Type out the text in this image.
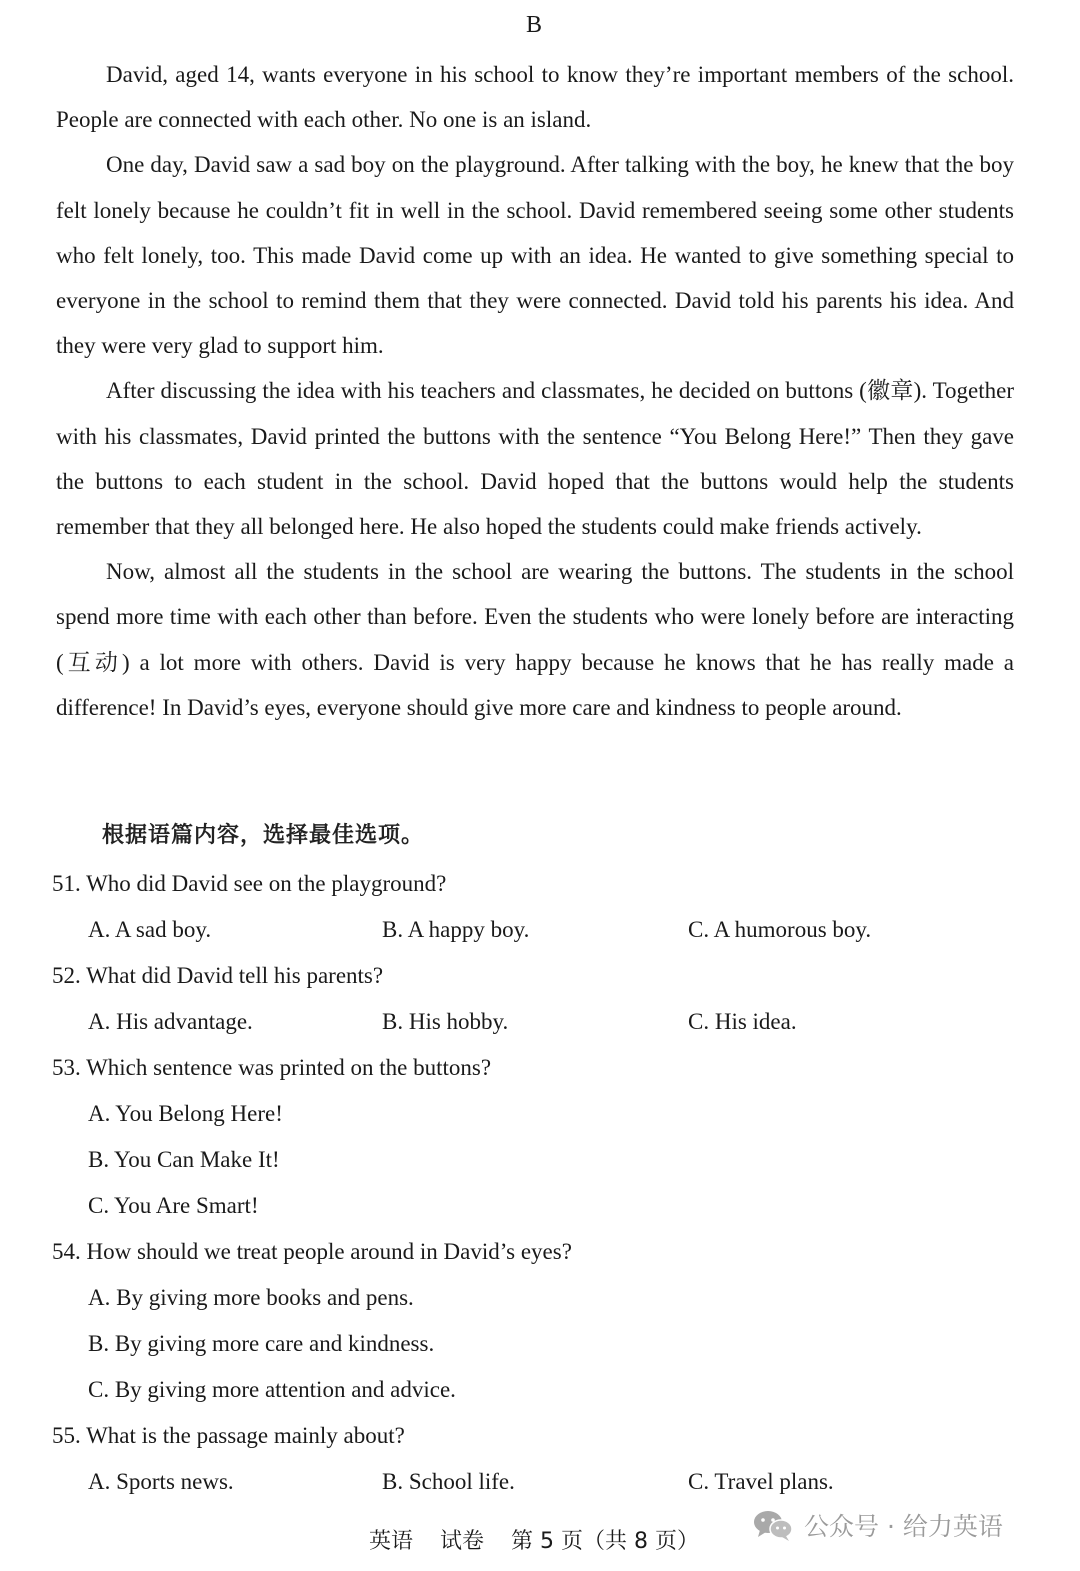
B

David, aged 14, wants everyone in his school to know they’re important members of the school. People are connected with each other. No one is an island.

One day, David saw a sad boy on the playground. After talking with the boy, he knew that the boy felt lonely because he couldn’t fit in well in the school. David remembered seeing some other students who felt lonely, too. This made David come up with an idea. He wanted to give something special to everyone in the school to remind them that they were connected. David told his parents his idea. And they were very glad to support him.

After discussing the idea with his teachers and classmates, he decided on buttons (徽章). Together with his classmates, David printed the buttons with the sentence “You Belong Here!” Then they gave the buttons to each student in the school. David hoped that the buttons would help the students remember that they all belonged here. He also hoped the students could make friends actively.

Now, almost all the students in the school are wearing the buttons. The students in the school spend more time with each other than before. Even the students who were lonely before are interacting (互动) a lot more with others. David is very happy because he knows that he has really made a difference! In David’s eyes, everyone should give more care and kindness to people around.

根据语篇内容，选择最佳选项。
51. Who did David see on the playground?
A. A sad boy.	B. A happy boy.	C. A humorous boy.
52. What did David tell his parents?
A. His advantage.	B. His hobby.	C. His idea.
53. Which sentence was printed on the buttons?
A. You Belong Here!
B. You Can Make It!
C. You Are Smart!
54. How should we treat people around in David’s eyes?
A. By giving more books and pens.
B. By giving more care and kindness.
C. By giving more attention and advice.
55. What is the passage mainly about?
A. Sports news.	B. School life.	C. Travel plans.
英语 试卷 第 5 页（共 8 页）
公众号 · 给力英语
